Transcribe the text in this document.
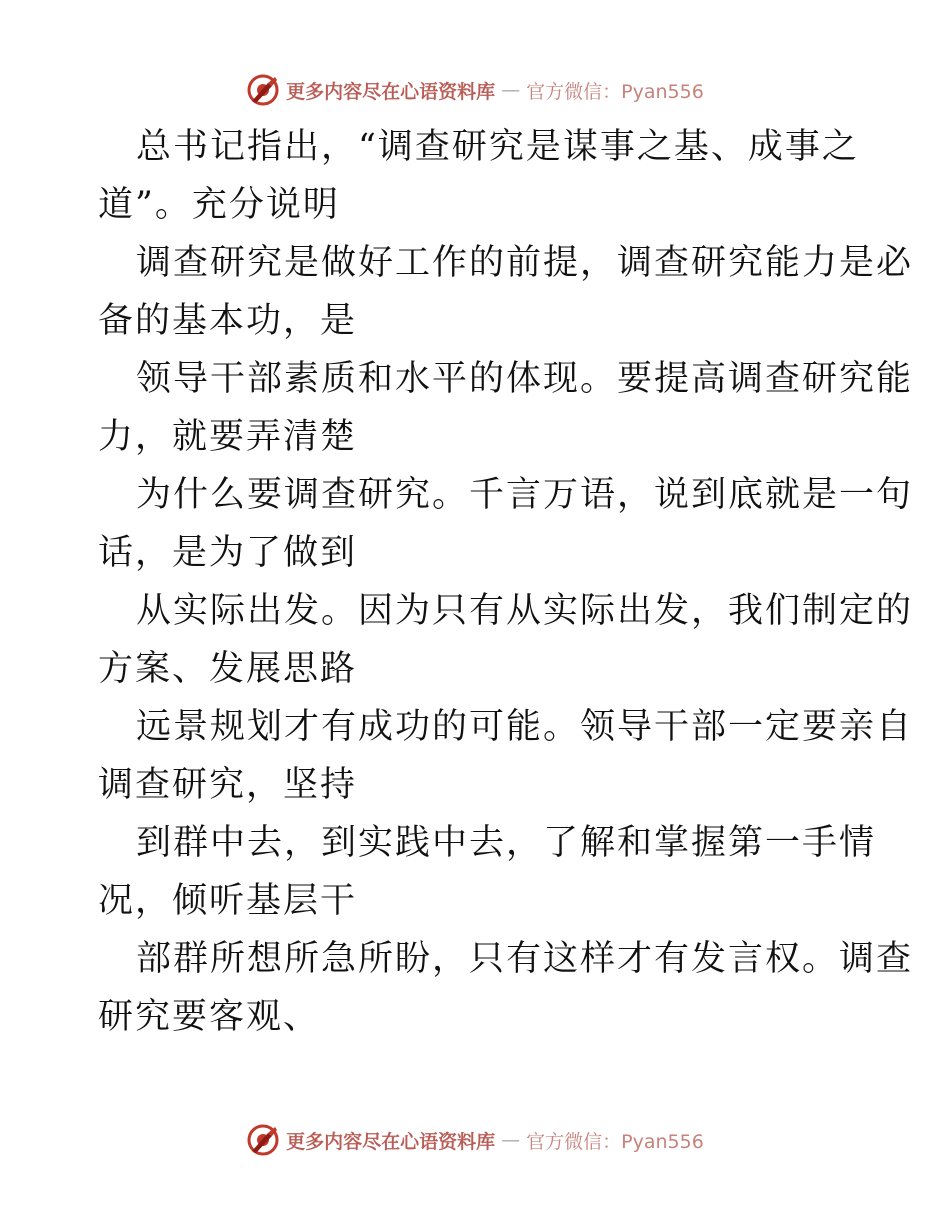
更多内容尽在心语资料库 — 官方微信：Pyan556
总书记指出，“调查研究是谋事之基、成事之
道”。充分说明
调查研究是做好工作的前提，调查研究能力是必
备的基本功，是
领导干部素质和水平的体现。要提高调查研究能
力，就要弄清楚
为什么要调查研究。千言万语，说到底就是一句
话，是为了做到
从实际出发。因为只有从实际出发，我们制定的
方案、发展思路
远景规划才有成功的可能。领导干部一定要亲自
调查研究，坚持
到群中去，到实践中去，了解和掌握第一手情
况，倾听基层干
部群所想所急所盼，只有这样才有发言权。调查
研究要客观、
更多内容尽在心语资料库 — 官方微信：Pyan556
